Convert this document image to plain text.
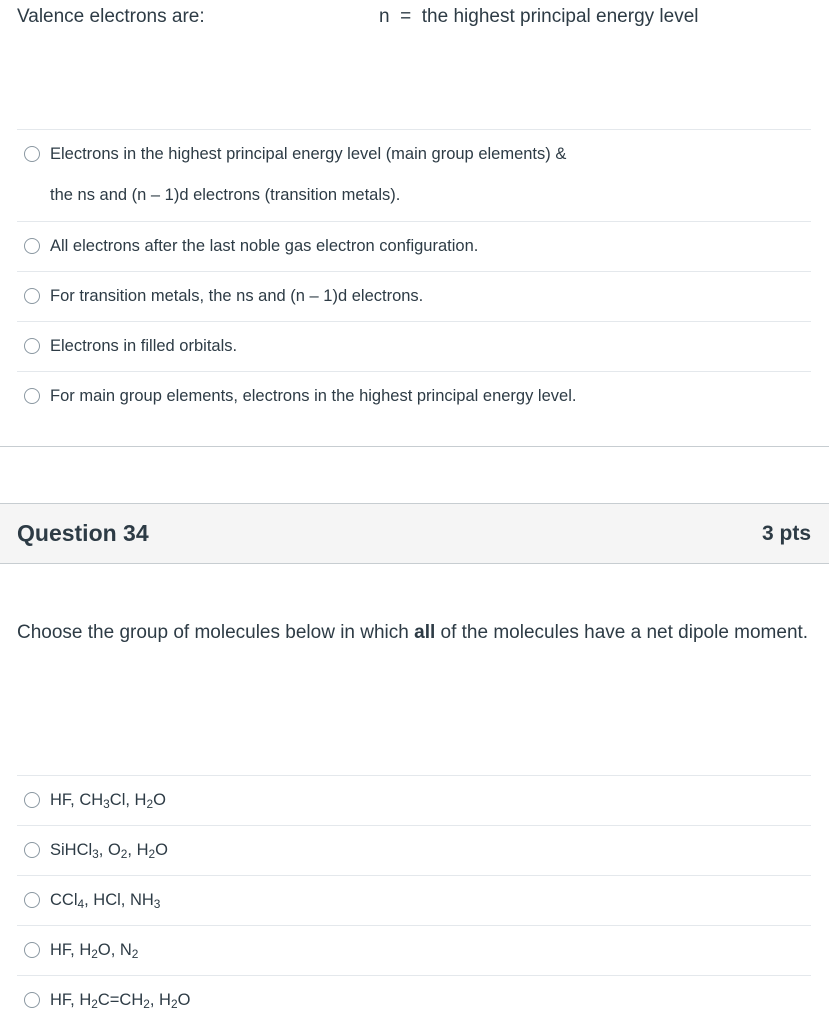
Valence electrons are:	n  =  the highest principal energy level
Electrons in the highest principal energy level (main group elements) &
the ns and (n – 1)d electrons (transition metals).
All electrons after the last noble gas electron configuration.
For transition metals, the ns and (n – 1)d electrons.
Electrons in filled orbitals.
For main group elements, electrons in the highest principal energy level.
Question 34	3 pts
Choose the group of molecules below in which all of the molecules have a net dipole moment.
HF, $CH_3Cl$, $H_2O$
SiHCl$_3$, $O_2$, $H_2O$
CCl$_4$, HCl, $NH_3$
HF, $H_2O$, $N_2$
HF, $H_2C=CH_2$, $H_2O$
